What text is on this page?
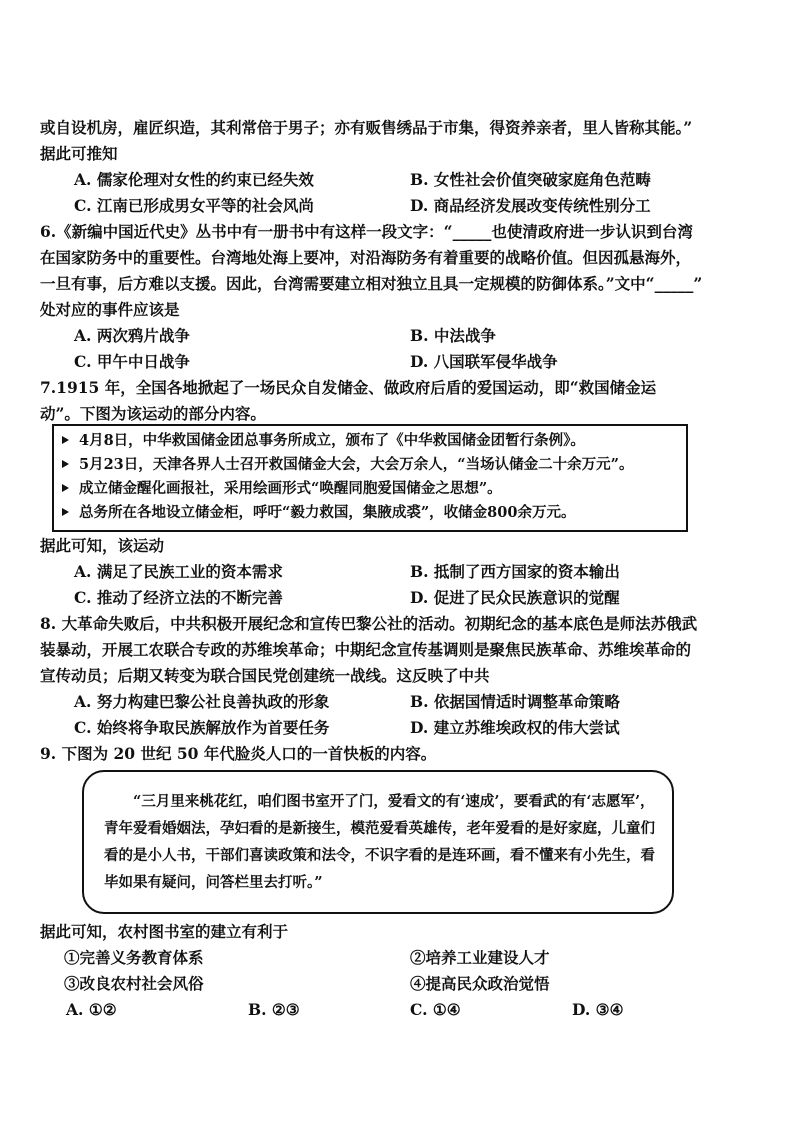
或自设机房，雇匠织造，其利常倍于男子；亦有贩售绣品于市集，得资养亲者，里人皆称其能。”
据此可推知
A. 儒家伦理对女性的约束已经失效	B. 女性社会价值突破家庭角色范畴
C. 江南已形成男女平等的社会风尚	D. 商品经济发展改变传统性别分工
6.《新编中国近代史》丛书中有一册书中有这样一段文字：“_____也使清政府进一步认识到台湾
在国家防务中的重要性。台湾地处海上要冲，对沿海防务有着重要的战略价值。但因孤悬海外，
一旦有事，后方难以支援。因此，台湾需要建立相对独立且具一定规模的防御体系。”文中“_____”
处对应的事件应该是
A. 两次鸦片战争	B. 中法战争
C. 甲午中日战争	D. 八国联军侵华战争
7.1915 年，全国各地掀起了一场民众自发储金、做政府后盾的爱国运动，即“救国储金运
动”。下图为该运动的部分内容。
4月8日，中华救国储金团总事务所成立，颁布了《中华救国储金团暂行条例》。
5月23日，天津各界人士召开救国储金大会，大会万余人，“当场认储金二十余万元”。
成立储金醒化画报社，采用绘画形式“唤醒同胞爱国储金之思想”。
总务所在各地设立储金柜，呼吁“毅力救国，集腋成裘”，收储金800余万元。
据此可知，该运动
A. 满足了民族工业的资本需求	B. 抵制了西方国家的资本输出
C. 推动了经济立法的不断完善	D. 促进了民众民族意识的觉醒
8. 大革命失败后，中共积极开展纪念和宣传巴黎公社的活动。初期纪念的基本底色是师法苏俄武
装暴动，开展工农联合专政的苏维埃革命；中期纪念宣传基调则是聚焦民族革命、苏维埃革命的
宣传动员；后期又转变为联合国民党创建统一战线。这反映了中共
A. 努力构建巴黎公社良善执政的形象	B. 依据国情适时调整革命策略
C. 始终将争取民族解放作为首要任务	D. 建立苏维埃政权的伟大尝试
9. 下图为 20 世纪 50 年代脸炎人口的一首快板的内容。
“三月里来桃花红，咱们图书室开了门，爱看文的有‘速成’，要看武的有‘志愿军’，青年爱看婚姻法，孕妇看的是新接生，模范爱看英雄传，老年爱看的是好家庭，儿童们看的是小人书，干部们喜读政策和法令，不识字看的是连环画，看不懂来有小先生，看毕如果有疑问，问答栏里去打听。”
据此可知，农村图书室的建立有利于
①完善义务教育体系	②培养工业建设人才
③改良农村社会风俗	④提高民众政治觉悟
A. ①②	B. ②③	C. ①④	D. ③④
